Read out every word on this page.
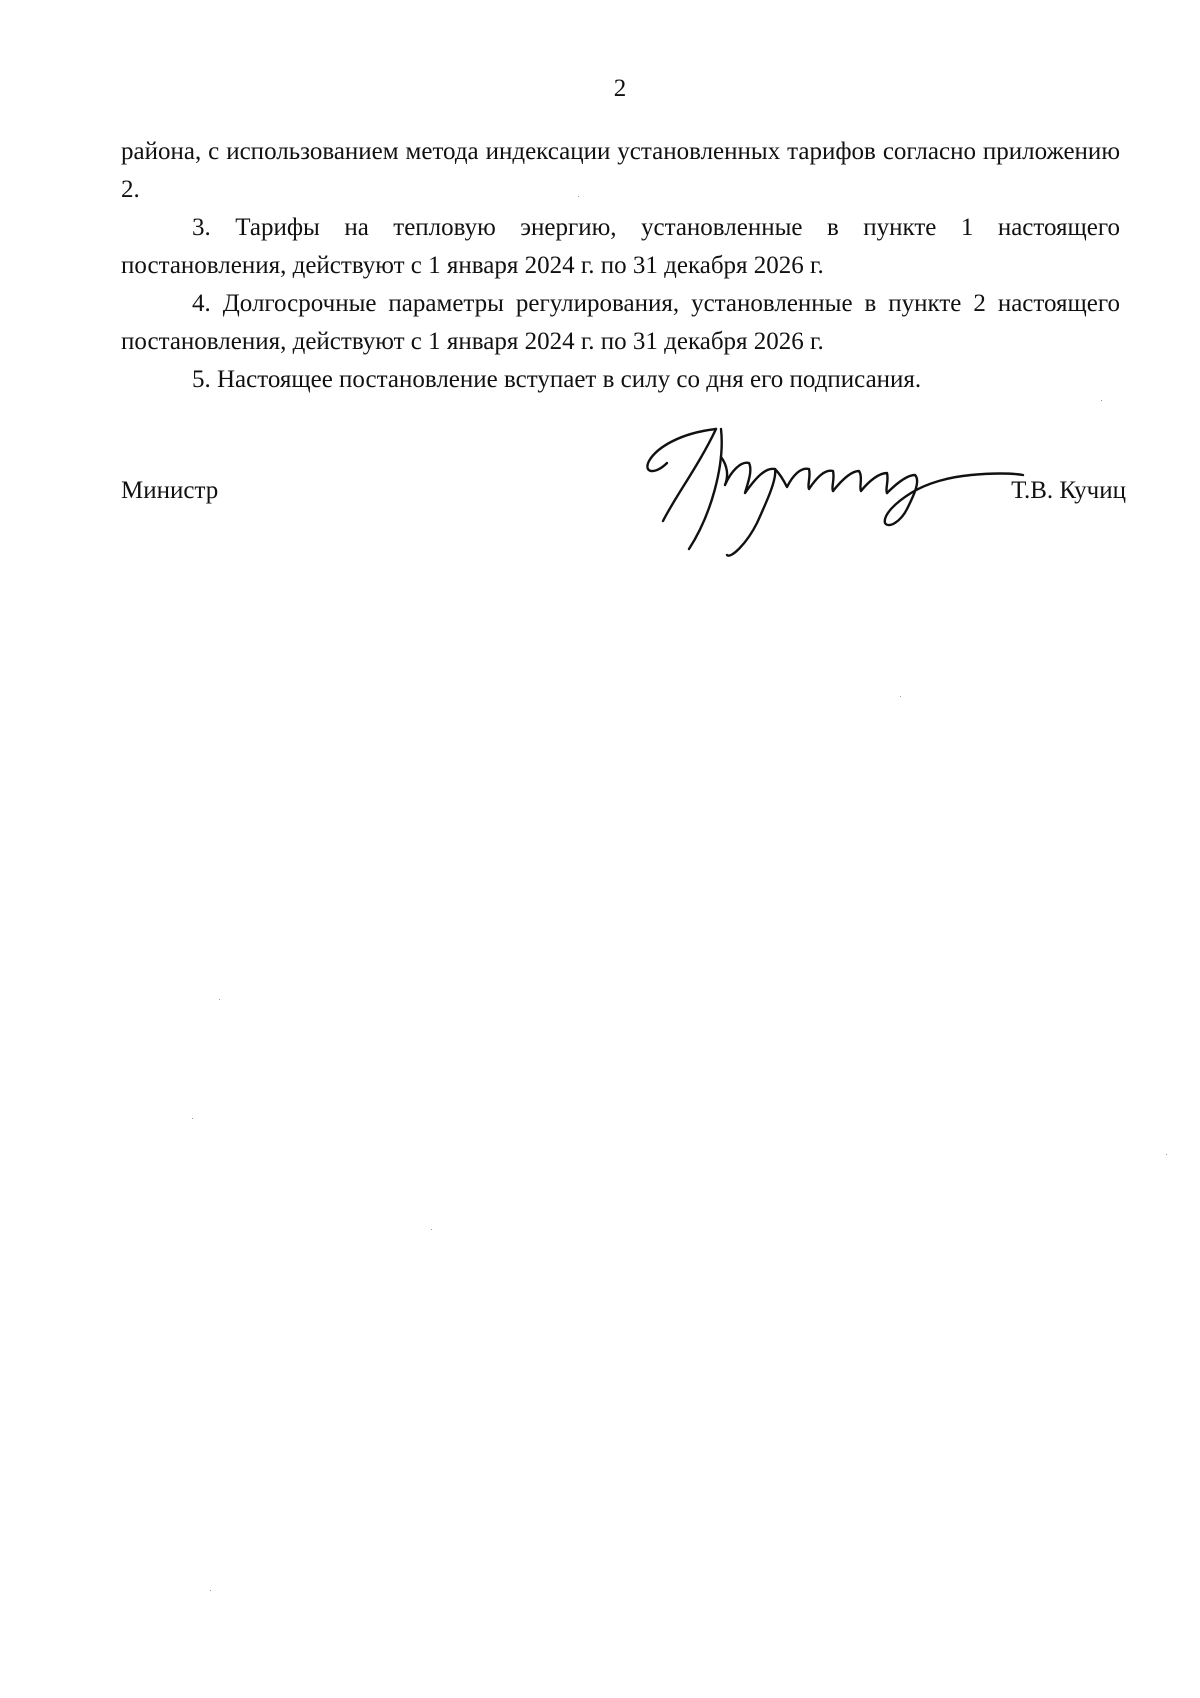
2

района, с использованием метода индексации установленных тарифов согласно приложению 2.

3. Тарифы на тепловую энергию, установленные в пункте 1 настоящего постановления, действуют с 1 января 2024 г. по 31 декабря 2026 г.

4. Долгосрочные параметры регулирования, установленные в пункте 2 настоящего постановления, действуют с 1 января 2024 г. по 31 декабря 2026 г.

5. Настоящее постановление вступает в силу со дня его подписания.

Министр	Т.В. Кучиц
